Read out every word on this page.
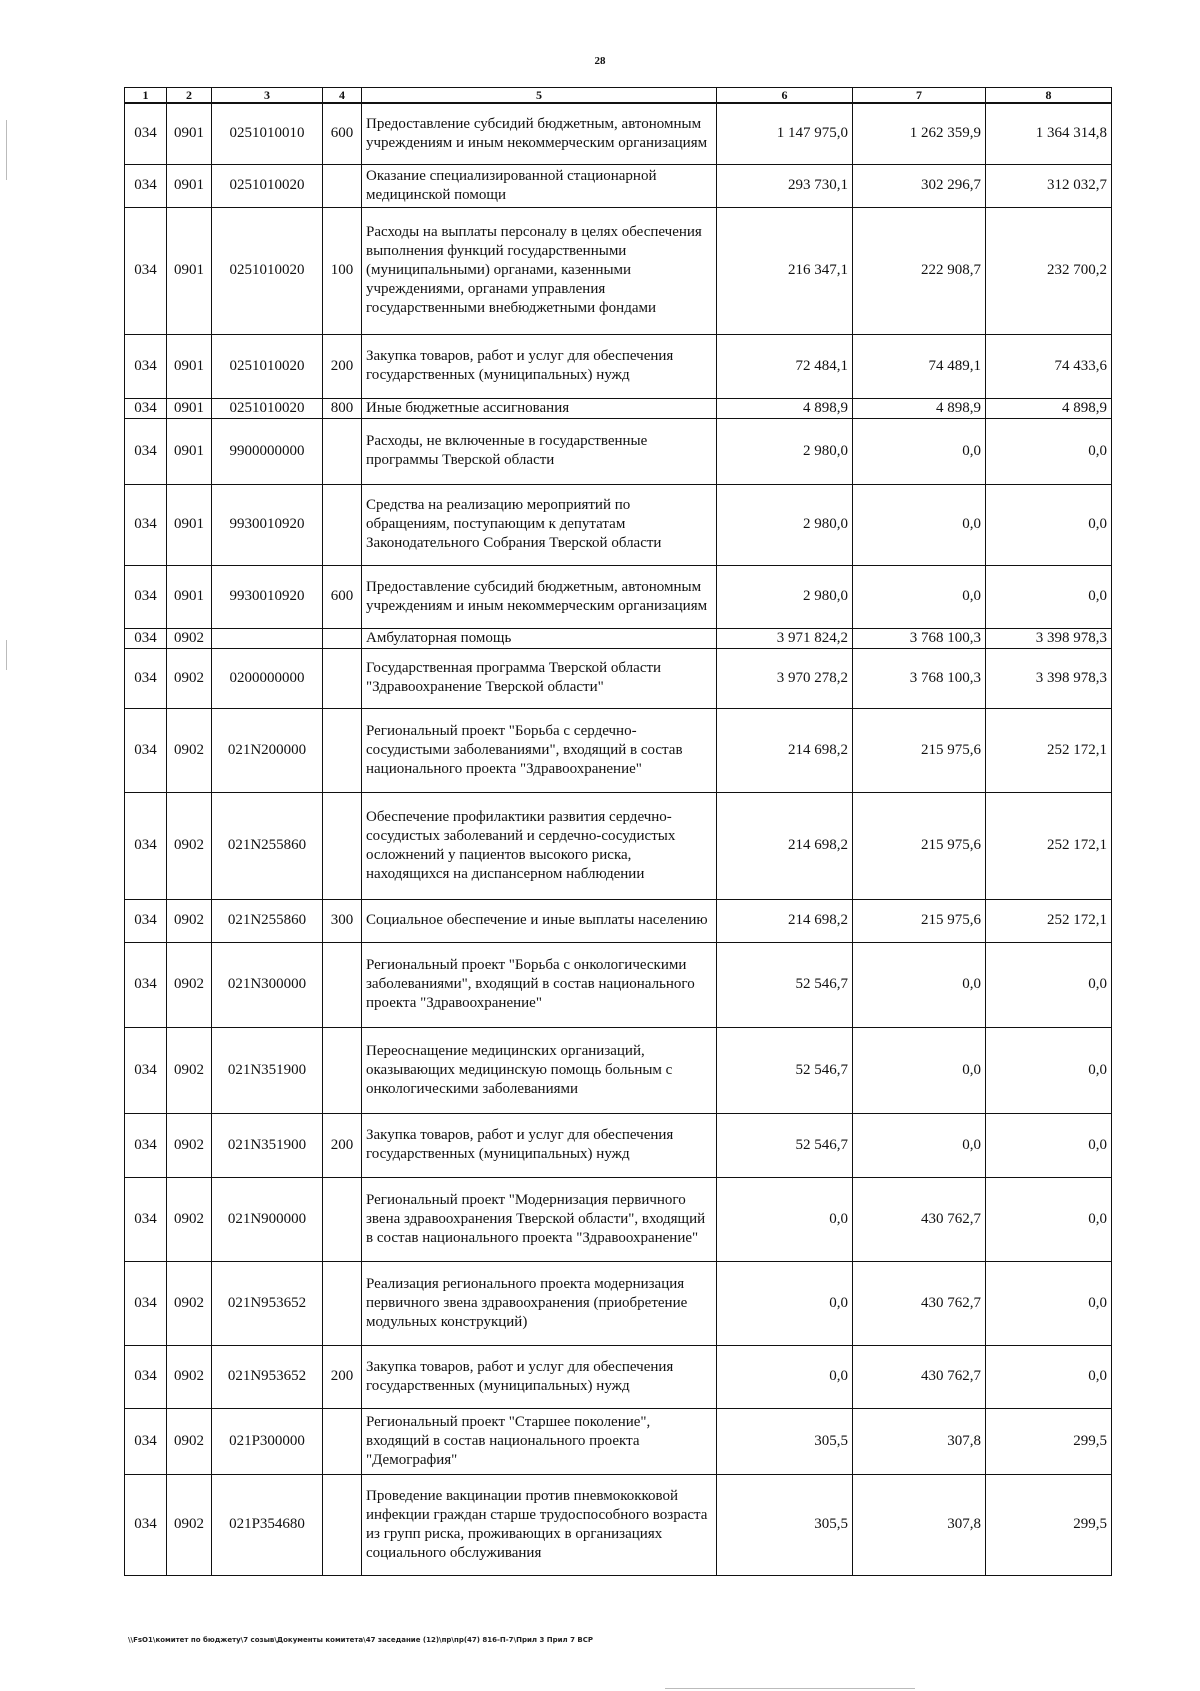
28
1	2	3	4	5	6	7	8
034	0901	0251010010	600	Предоставление субсидий бюджетным, автономным учреждениям и иным некоммерческим организациям	1 147 975,0	1 262 359,9	1 364 314,8
034	0901	0251010020		Оказание специализированной стационарной медицинской помощи	293 730,1	302 296,7	312 032,7
034	0901	0251010020	100	Расходы на выплаты персоналу в целях обеспечения выполнения функций государственными (муниципальными) органами, казенными учреждениями, органами управления государственными внебюджетными фондами	216 347,1	222 908,7	232 700,2
034	0901	0251010020	200	Закупка товаров, работ и услуг для обеспечения государственных (муниципальных) нужд	72 484,1	74 489,1	74 433,6
034	0901	0251010020	800	Иные бюджетные ассигнования	4 898,9	4 898,9	4 898,9
034	0901	9900000000		Расходы, не включенные в государственные программы Тверской области	2 980,0	0,0	0,0
034	0901	9930010920		Средства на реализацию мероприятий по обращениям, поступающим к депутатам Законодательного Собрания Тверской области	2 980,0	0,0	0,0
034	0901	9930010920	600	Предоставление субсидий бюджетным, автономным учреждениям и иным некоммерческим организациям	2 980,0	0,0	0,0
034	0902			Амбулаторная помощь	3 971 824,2	3 768 100,3	3 398 978,3
034	0902	0200000000		Государственная программа Тверской области "Здравоохранение Тверской области"	3 970 278,2	3 768 100,3	3 398 978,3
034	0902	021N200000		Региональный проект "Борьба с сердечно-сосудистыми заболеваниями", входящий в состав национального проекта "Здравоохранение"	214 698,2	215 975,6	252 172,1
034	0902	021N255860		Обеспечение профилактики развития сердечно-сосудистых заболеваний и сердечно-сосудистых осложнений у пациентов высокого риска, находящихся на диспансерном наблюдении	214 698,2	215 975,6	252 172,1
034	0902	021N255860	300	Социальное обеспечение и иные выплаты населению	214 698,2	215 975,6	252 172,1
034	0902	021N300000		Региональный проект "Борьба с онкологическими заболеваниями", входящий в состав национального проекта "Здравоохранение"	52 546,7	0,0	0,0
034	0902	021N351900		Переоснащение медицинских организаций, оказывающих медицинскую помощь больным с онкологическими заболеваниями	52 546,7	0,0	0,0
034	0902	021N351900	200	Закупка товаров, работ и услуг для обеспечения государственных (муниципальных) нужд	52 546,7	0,0	0,0
034	0902	021N900000		Региональный проект "Модернизация первичного звена здравоохранения Тверской области", входящий в состав национального проекта "Здравоохранение"	0,0	430 762,7	0,0
034	0902	021N953652		Реализация регионального проекта модернизация первичного звена здравоохранения (приобретение модульных конструкций)	0,0	430 762,7	0,0
034	0902	021N953652	200	Закупка товаров, работ и услуг для обеспечения государственных (муниципальных) нужд	0,0	430 762,7	0,0
034	0902	021P300000		Региональный проект "Старшее поколение", входящий в состав национального проекта "Демография"	305,5	307,8	299,5
034	0902	021P354680		Проведение вакцинации против пневмококковой инфекции граждан старше трудоспособного возраста из групп риска, проживающих в организациях социального обслуживания	305,5	307,8	299,5
\\FsO1\комитет по бюджету\7 созыв\Документы комитета\47 заседание (12)\пр\пр(47) 816-П-7\Прил 3 Прил 7 ВСР
